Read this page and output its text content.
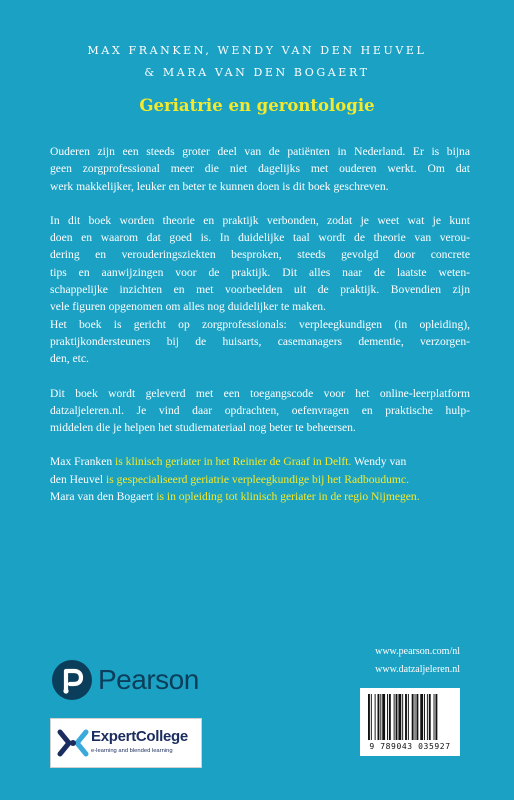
MAX FRANKEN, WENDY VAN DEN HEUVEL
& MARA VAN DEN BOGAERT
Geriatrie en gerontologie
Ouderen zijn een steeds groter deel van de patiënten in Nederland. Er is bijna
geen zorgprofessional meer die niet dagelijks met ouderen werkt. Om dat
werk makkelijker, leuker en beter te kunnen doen is dit boek geschreven.
In dit boek worden theorie en praktijk verbonden, zodat je weet wat je kunt
doen en waarom dat goed is. In duidelijke taal wordt de theorie van verou-
dering en verouderingsziekten besproken, steeds gevolgd door concrete
tips en aanwijzingen voor de praktijk. Dit alles naar de laatste weten-
schappelijke inzichten en met voorbeelden uit de praktijk. Bovendien zijn
vele figuren opgenomen om alles nog duidelijker te maken.
Het boek is gericht op zorgprofessionals: verpleegkundigen (in opleiding),
praktijkondersteuners bij de huisarts, casemanagers dementie, verzorgen-
den, etc.
Dit boek wordt geleverd met een toegangscode voor het online-leerplatform
datzaljeleren.nl. Je vind daar opdrachten, oefenvragen en praktische hulp-
middelen die je helpen het studiemateriaal nog beter te beheersen.
Max Franken is klinisch geriater in het Reinier de Graaf in Delft. Wendy van
den Heuvel is gespecialiseerd geriatrie verpleegkundige bij het Radboudumc.
Mara van den Bogaert is in opleiding tot klinisch geriater in de regio Nijmegen.
Pearson
ExpertCollege
e-learning and blended learning
www.pearson.com/nl
www.datzaljeleren.nl
9 789043 035927
